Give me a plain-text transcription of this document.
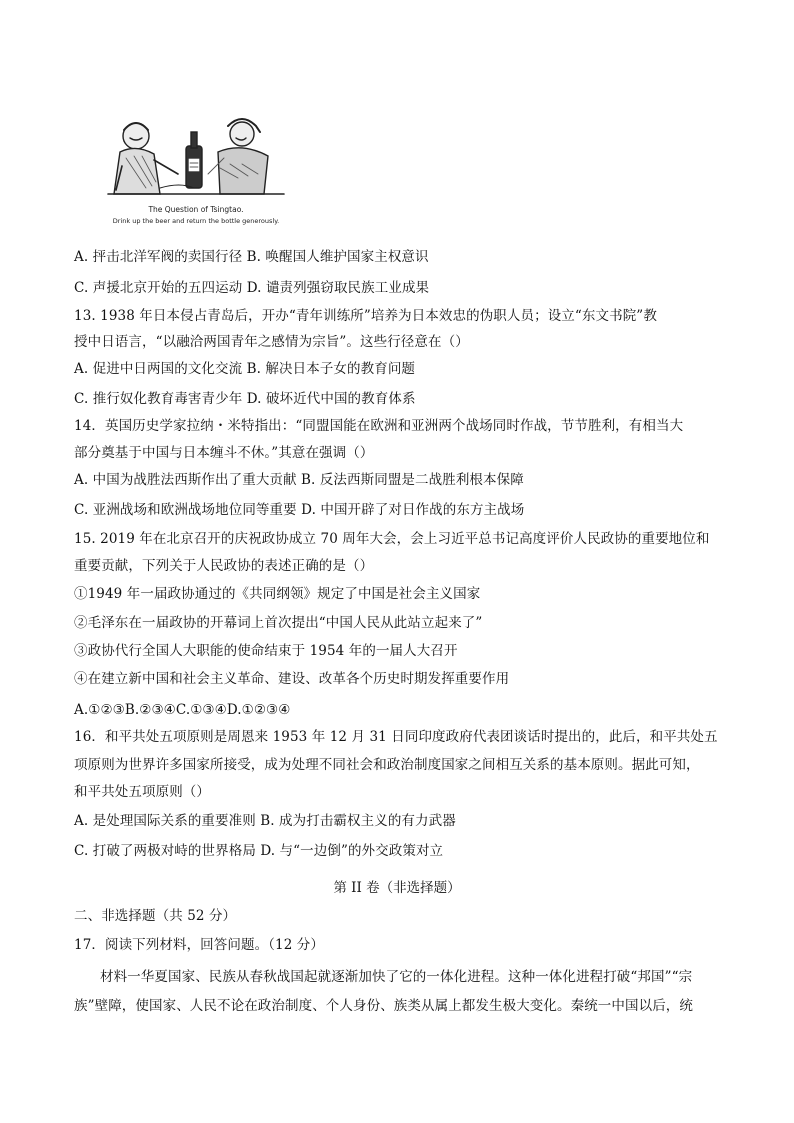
The Question of Tsingtao.
Drink up the beer and return the bottle generously.
A. 抨击北洋军阀的卖国行径 B. 唤醒国人维护国家主权意识
C. 声援北京开始的五四运动 D. 谴责列强窃取民族工业成果
13. 1938 年日本侵占青岛后，开办“青年训练所”培养为日本效忠的伪职人员；设立“东文书院”教
授中日语言，“以融洽两国青年之感情为宗旨”。这些行径意在（）
A. 促进中日两国的文化交流 B. 解决日本子女的教育问题
C. 推行奴化教育毒害青少年 D. 破坏近代中国的教育体系
14．英国历史学家拉纳・米特指出：“同盟国能在欧洲和亚洲两个战场同时作战，节节胜利，有相当大
部分奠基于中国与日本缠斗不休。”其意在强调（）
A. 中国为战胜法西斯作出了重大贡献 B. 反法西斯同盟是二战胜利根本保障
C. 亚洲战场和欧洲战场地位同等重要 D. 中国开辟了对日作战的东方主战场
15. 2019 年在北京召开的庆祝政协成立 70 周年大会，会上习近平总书记高度评价人民政协的重要地位和
重要贡献，下列关于人民政协的表述正确的是（）
①1949 年一届政协通过的《共同纲领》规定了中国是社会主义国家
②毛泽东在一届政协的开幕词上首次提出“中国人民从此站立起来了”
③政协代行全国人大职能的使命结束于 1954 年的一届人大召开
④在建立新中国和社会主义革命、建设、改革各个历史时期发挥重要作用
A.①②③B.②③④C.①③④D.①②③④
16．和平共处五项原则是周恩来 1953 年 12 月 31 日同印度政府代表团谈话时提出的，此后，和平共处五
项原则为世界许多国家所接受，成为处理不同社会和政治制度国家之间相互关系的基本原则。据此可知，
和平共处五项原则（）
A. 是处理国际关系的重要准则 B. 成为打击霸权主义的有力武器
C. 打破了两极对峙的世界格局 D. 与“一边倒”的外交政策对立
第 II 卷（非选择题）
二、非选择题（共 52 分）
17．阅读下列材料，回答问题。（12 分）
材料一华夏国家、民族从春秋战国起就逐渐加快了它的一体化进程。这种一体化进程打破“邦国”“宗
族”壁障，使国家、人民不论在政治制度、个人身份、族类从属上都发生极大变化。秦统一中国以后，统
